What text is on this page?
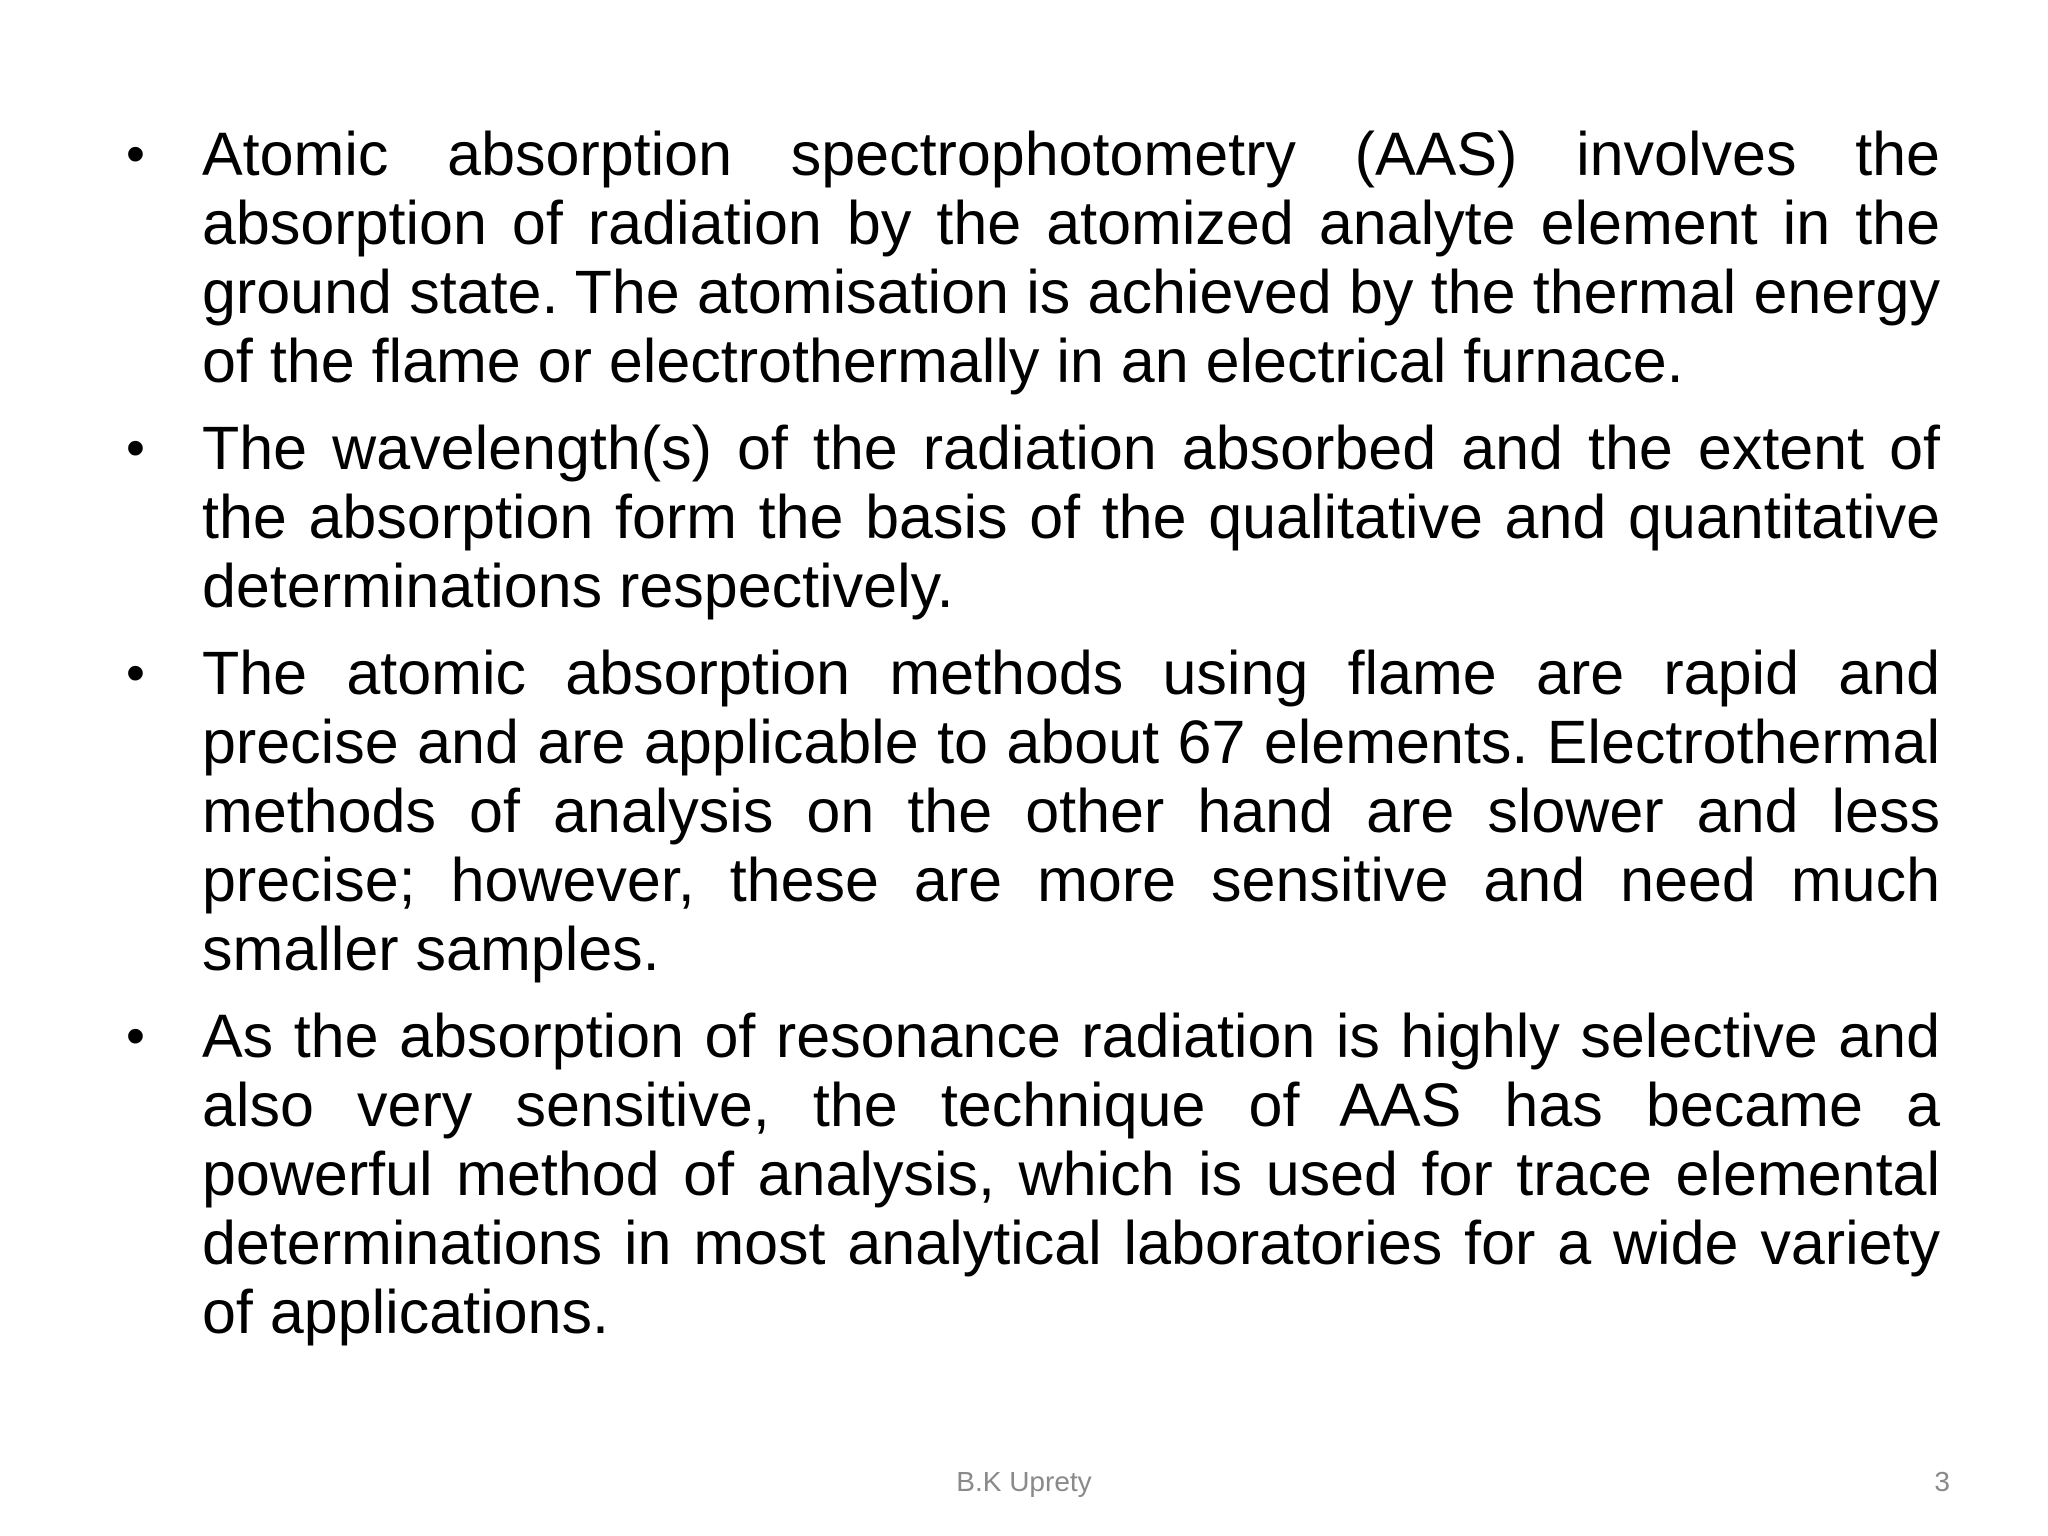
• Atomic absorption spectrophotometry (AAS) involves the absorption of radiation by the atomized analyte element in the ground state. The atomisation is achieved by the thermal energy of the flame or electrothermally in an electrical furnace.
• The wavelength(s) of the radiation absorbed and the extent of the absorption form the basis of the qualitative and quantitative determinations respectively.
• The atomic absorption methods using flame are rapid and precise and are applicable to about 67 elements. Electrothermal methods of analysis on the other hand are slower and less precise; however, these are more sensitive and need much smaller samples.
• As the absorption of resonance radiation is highly selective and also very sensitive, the technique of AAS has became a powerful method of analysis, which is used for trace elemental determinations in most analytical laboratories for a wide variety of applications.
B.K Uprety	3
